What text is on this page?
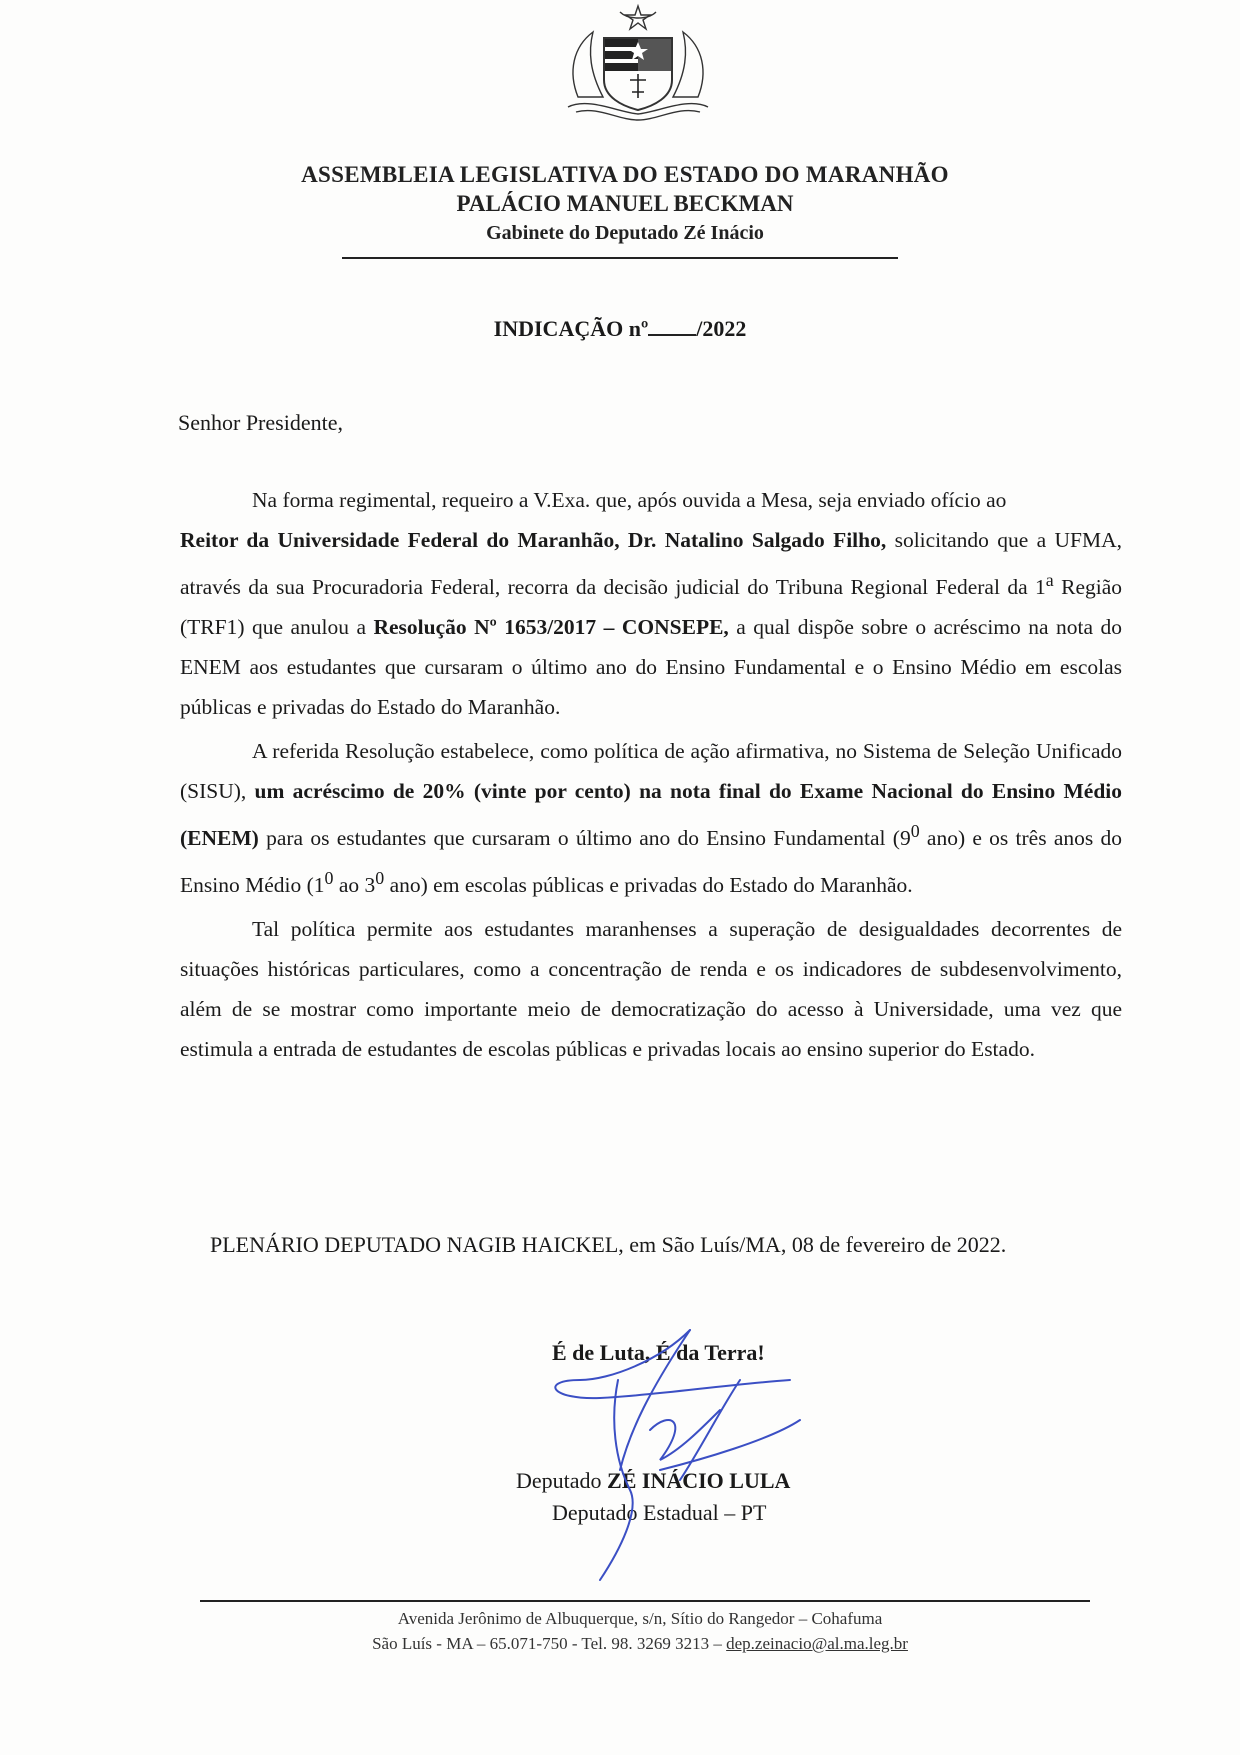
ASSEMBLEIA LEGISLATIVA DO ESTADO DO MARANHÃO
PALÁCIO MANUEL BECKMAN
Gabinete do Deputado Zé Inácio
INDICAÇÃO nº /2022
Senhor Presidente,

Na forma regimental, requeiro a V.Exa. que, após ouvida a Mesa, seja enviado ofício ao
Reitor da Universidade Federal do Maranhão, Dr. Natalino Salgado Filho, solicitando que a UFMA, através da sua Procuradoria Federal, recorra da decisão judicial do Tribuna Regional Federal da 1$^a$ Região (TRF1) que anulou a Resolução Nº 1653/2017 – CONSEPE, a qual dispõe sobre o acréscimo na nota do ENEM aos estudantes que cursaram o último ano do Ensino Fundamental e o Ensino Médio em escolas públicas e privadas do Estado do Maranhão.

A referida Resolução estabelece, como política de ação afirmativa, no Sistema de Seleção Unificado (SISU), um acréscimo de 20% (vinte por cento) na nota final do Exame Nacional do Ensino Médio (ENEM) para os estudantes que cursaram o último ano do Ensino Fundamental ($9^0$ ano) e os três anos do Ensino Médio ($1^0$ ao $3^0$ ano) em escolas públicas e privadas do Estado do Maranhão.

Tal política permite aos estudantes maranhenses a superação de desigualdades decorrentes de situações históricas particulares, como a concentração de renda e os indicadores de subdesenvolvimento, além de se mostrar como importante meio de democratização do acesso à Universidade, uma vez que estimula a entrada de estudantes de escolas públicas e privadas locais ao ensino superior do Estado.

PLENÁRIO DEPUTADO NAGIB HAICKEL, em São Luís/MA, 08 de fevereiro de 2022.
É de Luta, É da Terra!
Deputado ZÉ INÁCIO LULA
Deputado Estadual – PT
Avenida Jerônimo de Albuquerque, s/n, Sítio do Rangedor – Cohafuma
São Luís - MA – 65.071-750 - Tel. 98. 3269 3213 – dep.zeinacio@al.ma.leg.br
